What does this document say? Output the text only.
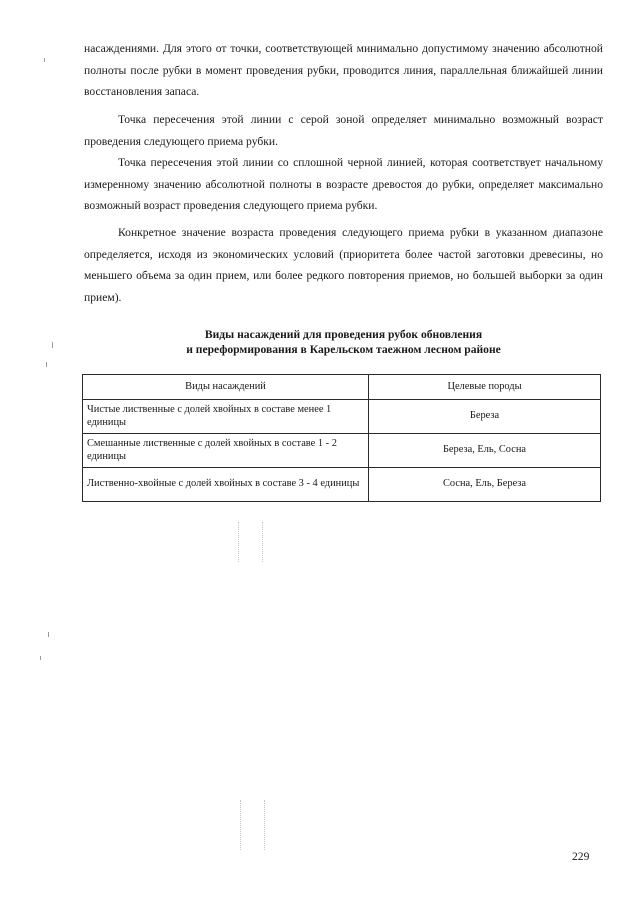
насаждениями. Для этого от точки, соответствующей минимально допустимому значению абсолютной полноты после рубки в момент проведения рубки, проводится линия, параллельная ближайшей линии восстановления запаса.

Точка пересечения этой линии с серой зоной определяет минимально возможный возраст проведения следующего приема рубки.

Точка пересечения этой линии со сплошной черной линией, которая соответствует начальному измеренному значению абсолютной полноты в возрасте древостоя до рубки, определяет максимально возможный возраст проведения следующего приема рубки.

Конкретное значение возраста проведения следующего приема рубки в указанном диапазоне определяется, исходя из экономических условий (приоритета более частой заготовки древесины, но меньшего объема за один прием, или более редкого повторения приемов, но большей выборки за один прием).

Виды насаждений для проведения рубок обновления
и переформирования в Карельском таежном лесном районе
Виды насаждений	Целевые породы
Чистые лиственные с долей хвойных в составе менее 1 единицы	Береза
Смешанные лиственные с долей хвойных в составе 1 - 2 единицы	Береза, Ель, Сосна
Лиственно-хвойные с долей хвойных в составе 3 - 4 единицы	Сосна, Ель, Береза
229
